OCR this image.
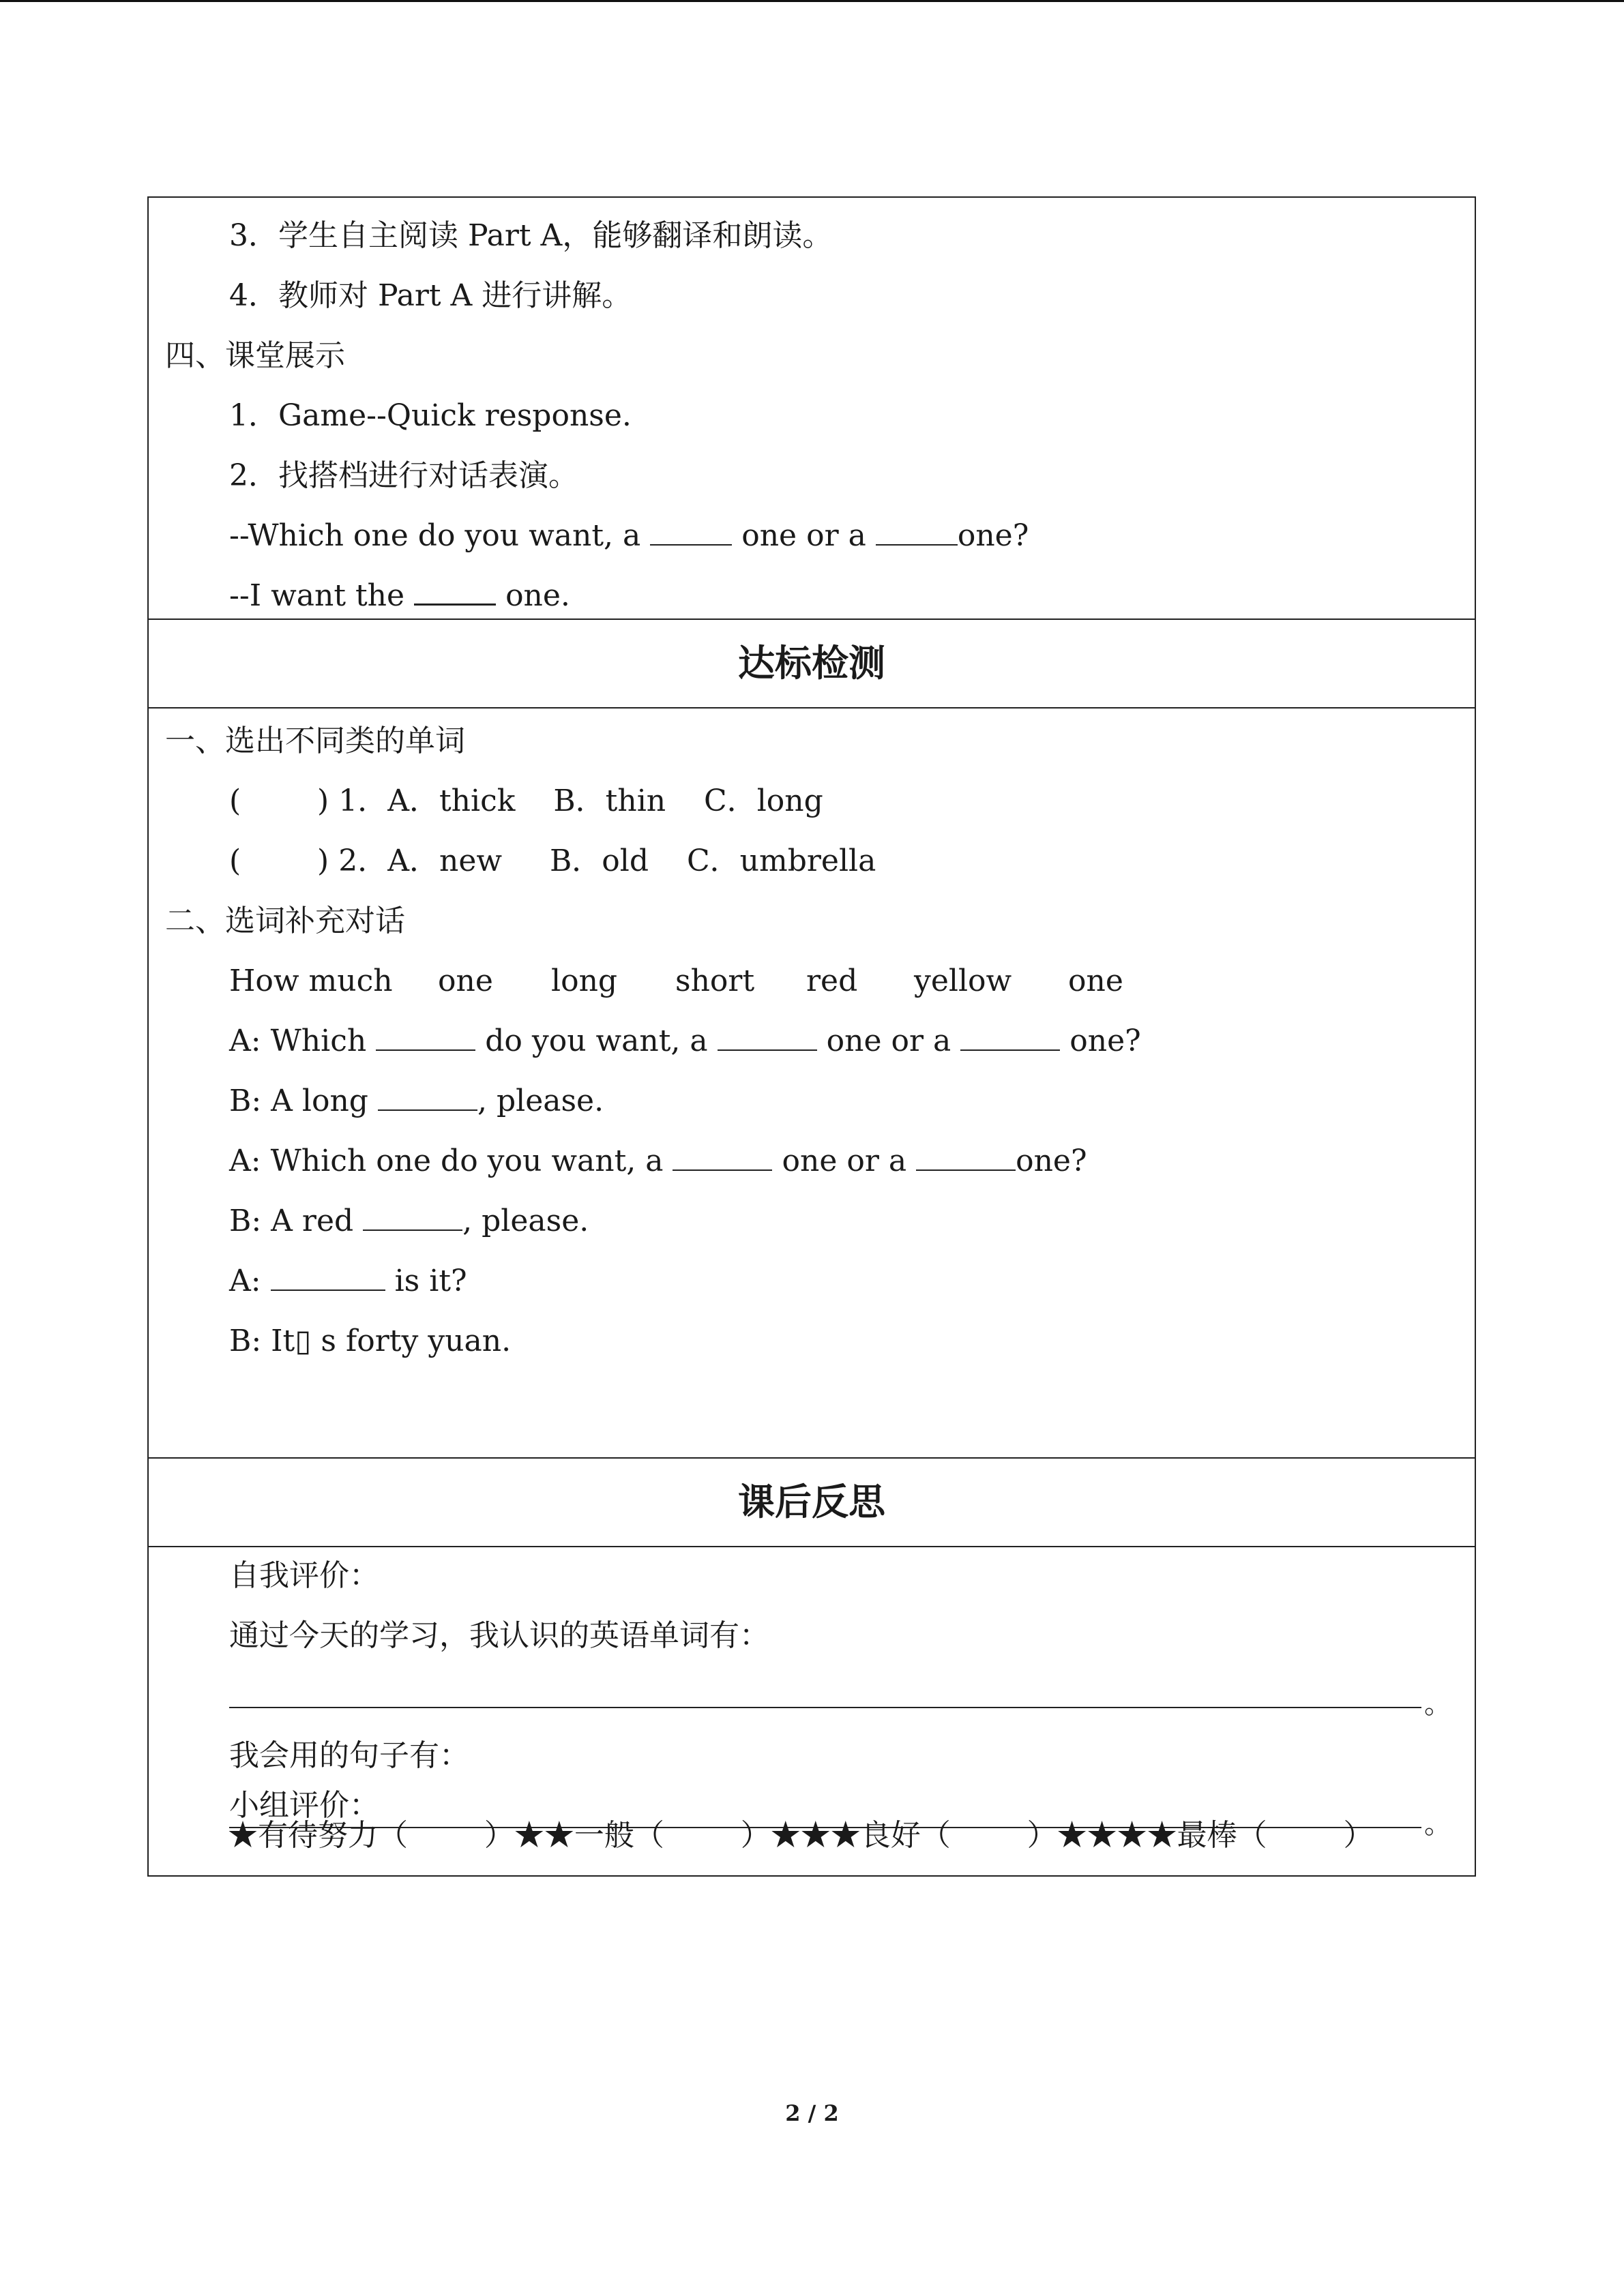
3．学生自主阅读 Part A，能够翻译和朗读。
4．教师对 Part A 进行讲解。
四、课堂展示
1．Game--Quick response.
2．找搭档进行对话表演。
--Which one do you want, a	one or a	one?
--I want the	one.
达标检测
一、选出不同类的单词
(        ) 1．A．thick    B．thin    C．long
(        ) 2．A．new     B．old    C．umbrella
二、选词补充对话
How much one long short red yellow one
A: Which	do you want, a	one or a	one?
B: A long	, please.
A: Which one do you want, a	one or a	one?
B: A red	, please.
A:	is it?
B: It▯ s forty yuan.
课后反思
自我评价：
通过今天的学习，我认识的英语单词有：
。
我会用的句子有：
。
小组评价：
★有待努力（        ）★★一般（        ）★★★良好（        ）★★★★最棒（        ）
2 / 2
